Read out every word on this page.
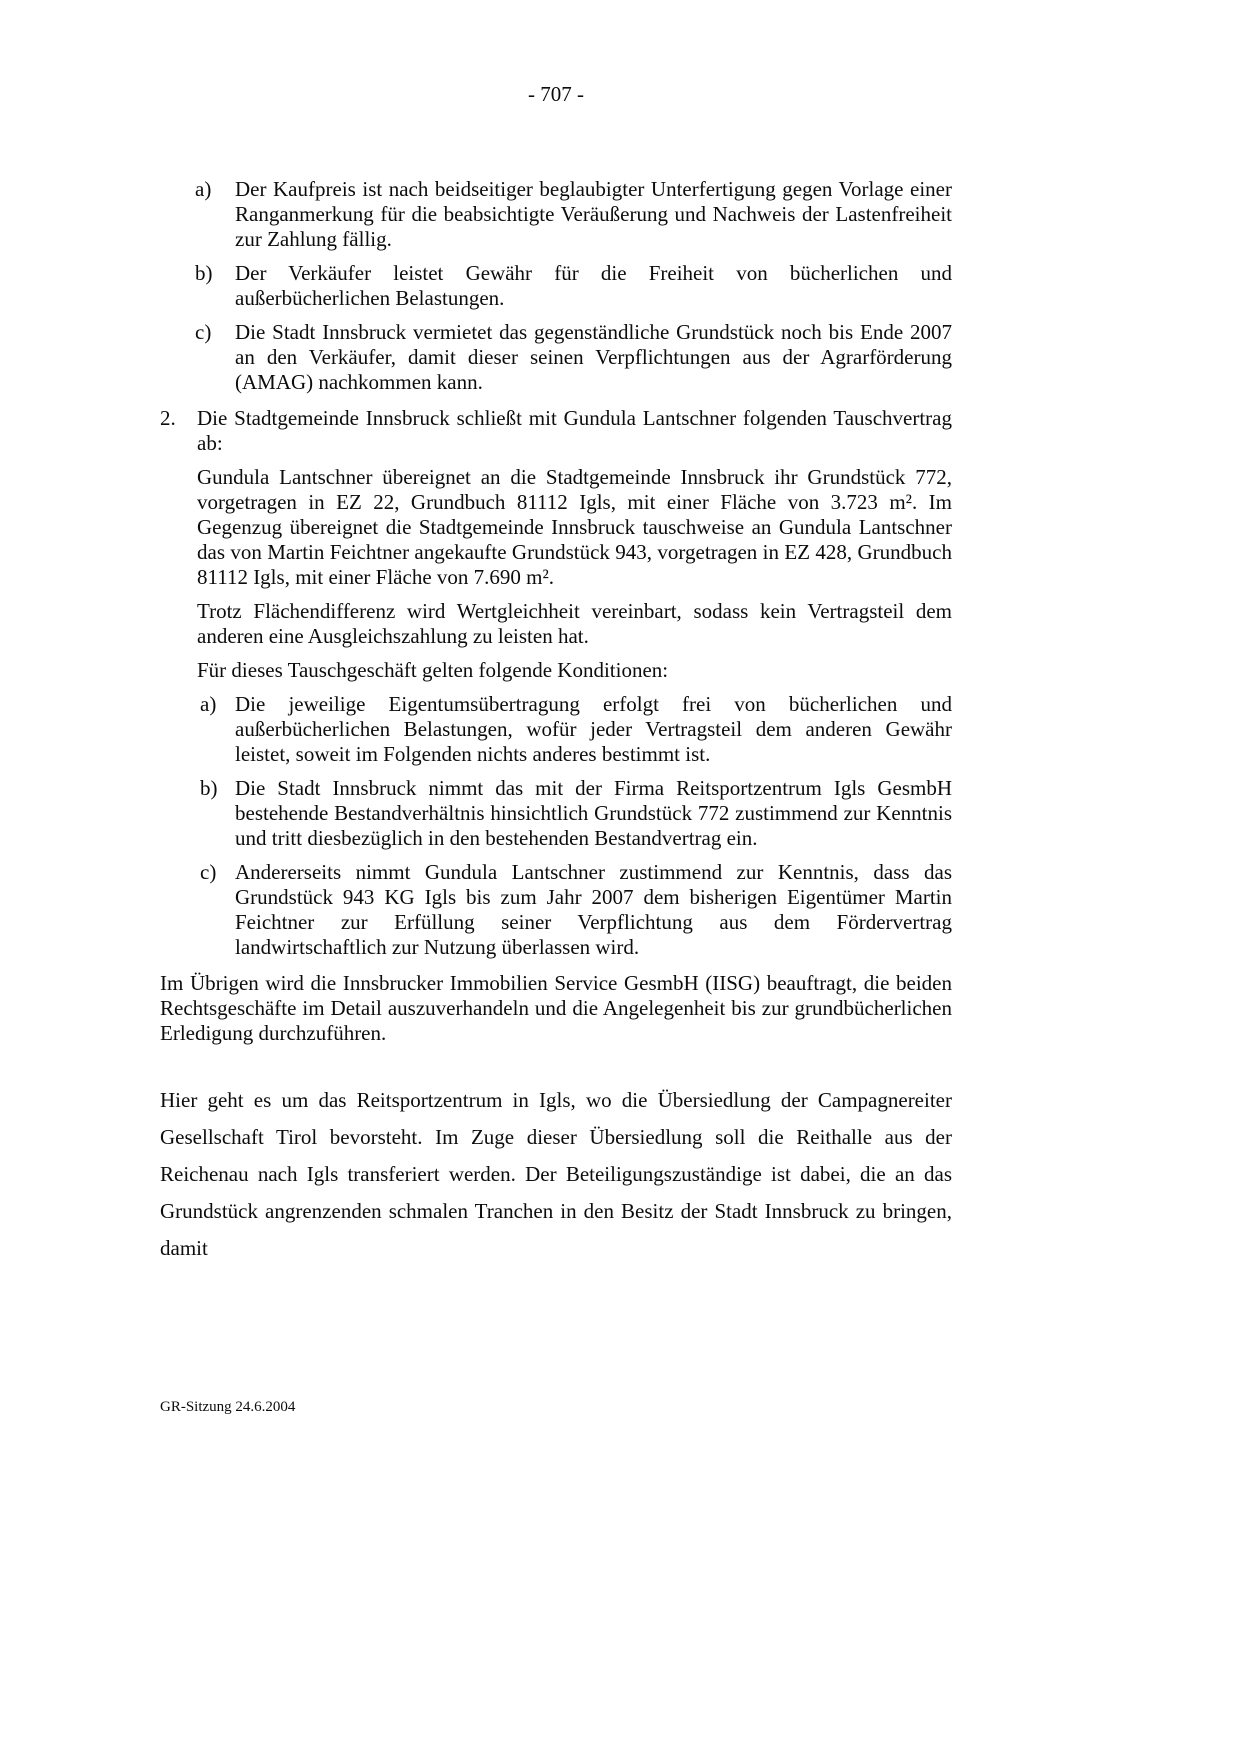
- 707 -
a)	Der Kaufpreis ist nach beidseitiger beglaubigter Unterfertigung gegen Vorlage einer Ranganmerkung für die beabsichtigte Veräußerung und Nachweis der Lastenfreiheit zur Zahlung fällig.
b)	Der Verkäufer leistet Gewähr für die Freiheit von bücherlichen und außerbücherlichen Belastungen.
c)	Die Stadt Innsbruck vermietet das gegenständliche Grundstück noch bis Ende 2007 an den Verkäufer, damit dieser seinen Verpflichtungen aus der Agrarförderung (AMAG) nachkommen kann.
2.	Die Stadtgemeinde Innsbruck schließt mit Gundula Lantschner folgenden Tauschvertrag ab:
Gundula Lantschner übereignet an die Stadtgemeinde Innsbruck ihr Grundstück 772, vorgetragen in EZ 22, Grundbuch 81112 Igls, mit einer Fläche von 3.723 m². Im Gegenzug übereignet die Stadtgemeinde Innsbruck tauschweise an Gundula Lantschner das von Martin Feichtner angekaufte Grundstück 943, vorgetragen in EZ 428, Grundbuch 81112 Igls, mit einer Fläche von 7.690 m².
Trotz Flächendifferenz wird Wertgleichheit vereinbart, sodass kein Vertragsteil dem anderen eine Ausgleichszahlung zu leisten hat.
Für dieses Tauschgeschäft gelten folgende Konditionen:
a) Die jeweilige Eigentumsübertragung erfolgt frei von bücherlichen und außerbücherlichen Belastungen, wofür jeder Vertragsteil dem anderen Gewähr leistet, soweit im Folgenden nichts anderes bestimmt ist.
b) Die Stadt Innsbruck nimmt das mit der Firma Reitsportzentrum Igls GesmbH bestehende Bestandverhältnis hinsichtlich Grundstück 772 zustimmend zur Kenntnis und tritt diesbezüglich in den bestehenden Bestandvertrag ein.
c) Andererseits nimmt Gundula Lantschner zustimmend zur Kenntnis, dass das Grundstück 943 KG Igls bis zum Jahr 2007 dem bisherigen Eigentümer Martin Feichtner zur Erfüllung seiner Verpflichtung aus dem Fördervertrag landwirtschaftlich zur Nutzung überlassen wird.
Im Übrigen wird die Innsbrucker Immobilien Service GesmbH (IISG) beauftragt, die beiden Rechtsgeschäfte im Detail auszuverhandeln und die Angelegenheit bis zur grundbücherlichen Erledigung durchzuführen.
Hier geht es um das Reitsportzentrum in Igls, wo die Übersiedlung der Campagnereiter Gesellschaft Tirol bevorsteht. Im Zuge dieser Übersiedlung soll die Reithalle aus der Reichenau nach Igls transferiert werden. Der Beteiligungszuständige ist dabei, die an das Grundstück angrenzenden schmalen Tranchen in den Besitz der Stadt Innsbruck zu bringen, damit
GR-Sitzung 24.6.2004
